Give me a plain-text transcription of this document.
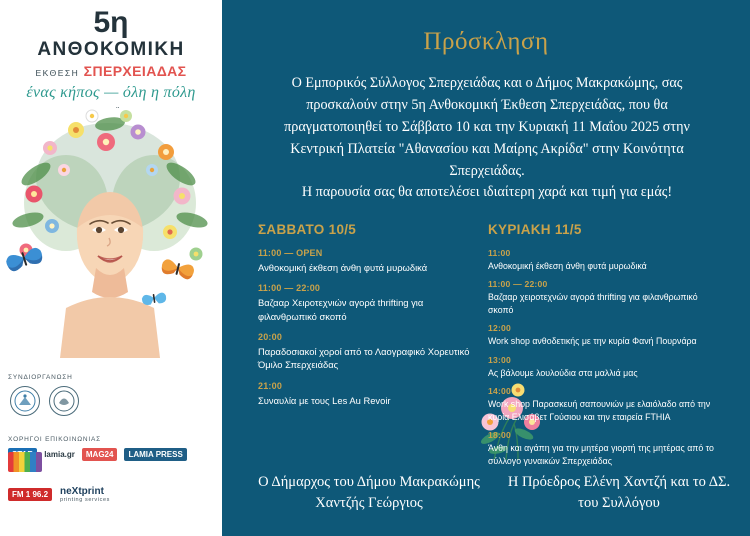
5η
ΑΝΘΟΚΟΜΙΚΗ
ΕΚΘΕΣΗ ΣΠΕΡΧΕΙΑΔΑΣ
ένας κήπος — όλη η πόλη
ΣΥΝΔΙΟΡΓΑΝΩΣΗ
ΧΟΡΗΓΟΙ ΕΠΙΚΟΙΝΩΝΙΑΣ
lamia.gr	MAG24	LAMIA PRESS
FM 1 96.2	neXtprint
printing services
Πρόσκληση
Ο Εμπορικός Σύλλογος Σπερχειάδας και ο Δήμος Μακρακώμης, σας προσκαλούν στην 5η Ανθοκομική Έκθεση Σπερχειάδας, που θα πραγματοποιηθεί το Σάββατο 10 και την Κυριακή 11 Μαΐου 2025 στην Κεντρική Πλατεία "Αθανασίου και Μαίρης Ακρίδα" στην Κοινότητα Σπερχειάδας.
Η παρουσία σας θα αποτελέσει ιδιαίτερη χαρά και τιμή για εμάς!
ΣΑΒΒΑΤΟ 10/5
11:00 — OPEN
Ανθοκομική έκθεση άνθη φυτά μυρωδικά
11:00 — 22:00
Βαζααρ Χειροτεχνιών αγορά thrifting για φιλανθρωπικό σκοπό
20:00
Παραδοσιακοί χοροί από το Λαογραφικό Χορευτικό Όμιλο Σπερχειάδας
21:00
Συναυλία με τους Les Au Revoir
ΚΥΡΙΑΚΗ 11/5
11:00
Ανθοκομική έκθεση άνθη φυτά μυρωδικά
11:00 — 22:00
Βαζααρ χειροτεχνών αγορά thrifting για φιλανθρωπικό σκοπό
12:00
Work shop ανθοδετικής με την κυρία Φανή Πουρνάρα
13:00
Ας βάλουμε λουλούδια στα μαλλιά μας
14:00
Work shop Παρασκευή σαπουνιών με ελαιόλαδο από την κυρία Ελισάβετ Γούσιου και την εταιρεία FTHIA
18:00
Άνθη και αγάπη για την μητέρα γιορτή της μητέρας από το σύλλογο γυναικών Σπερχειάδας
Ο Δήμαρχος του Δήμου Μακρακώμης Χαντζής Γεώργιος
Η Πρόεδρος Ελένη Χαντζή και το ΔΣ. του Συλλόγου
